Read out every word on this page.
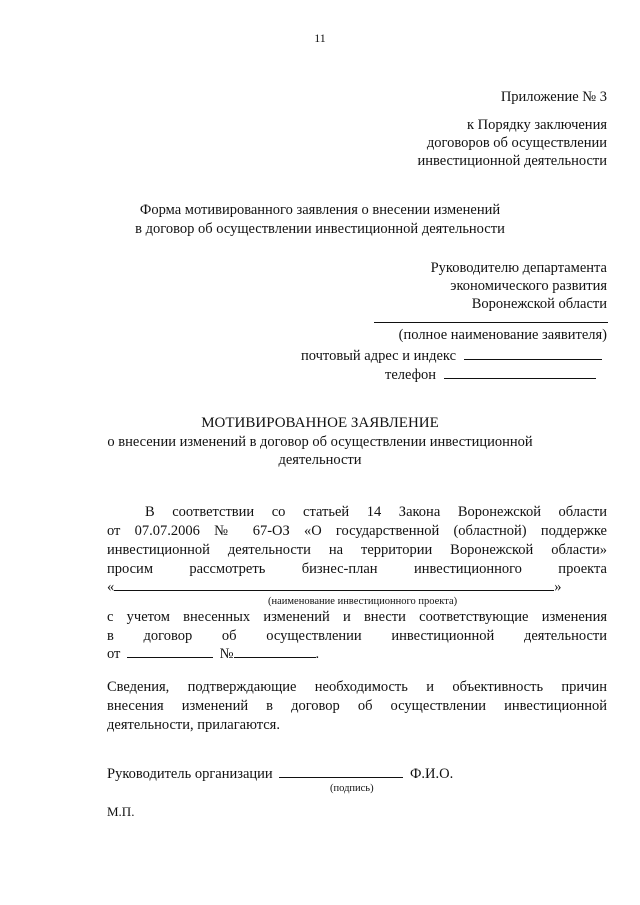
11
Приложение № 3
к Порядку заключения
договоров об осуществлении
инвестиционной деятельности
Форма мотивированного заявления о внесении изменений
в договор об осуществлении инвестиционной деятельности
Руководителю департамента
экономического развития
Воронежской области
(полное наименование заявителя)
почтовый адрес и индекс
телефон
МОТИВИРОВАННОЕ ЗАЯВЛЕНИЕ
о внесении изменений в договор об осуществлении инвестиционной
деятельности
В соответствии со статьей 14 Закона Воронежской области
от 07.07.2006 № 67-ОЗ «О государственной (областной) поддержке
инвестиционной деятельности на территории Воронежской области»
просим рассмотреть бизнес-план инвестиционного проекта
«	»
(наименование инвестиционного проекта)
с учетом внесенных изменений и внести соответствующие изменения
в договор об осуществлении инвестиционной деятельности
от	№	.
Сведения, подтверждающие необходимость и объективность причин
внесения изменений в договор об осуществлении инвестиционной
деятельности, прилагаются.
Руководитель организации	Ф.И.О.
(подпись)
М.П.
